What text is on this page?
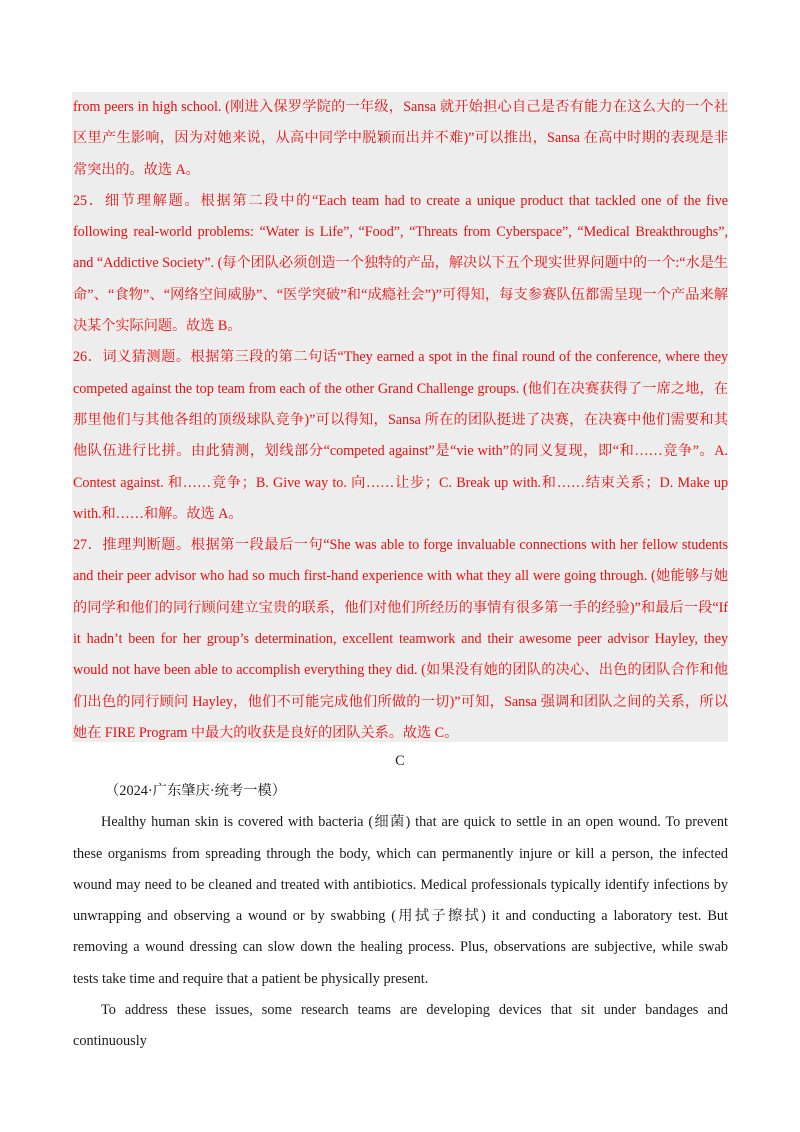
from peers in high school. (刚进入保罗学院的一年级，Sansa 就开始担心自己是否有能力在这么大的一个社区里产生影响，因为对她来说，从高中同学中脱颖而出并不难)”可以推出，Sansa 在高中时期的表现是非常突出的。故选 A。

25．细节理解题。根据第二段中的“Each team had to create a unique product that tackled one of the five following real-world problems: “Water is Life”, “Food”, “Threats from Cyberspace”, “Medical Breakthroughs”, and “Addictive Society”. (每个团队必须创造一个独特的产品，解决以下五个现实世界问题中的一个:“水是生命”、“食物”、“网络空间威胁”、“医学突破”和“成瘾社会”)”可得知，每支参赛队伍都需呈现一个产品来解决某个实际问题。故选 B。

26．词义猜测题。根据第三段的第二句话“They earned a spot in the final round of the conference, where they competed against the top team from each of the other Grand Challenge groups. (他们在决赛获得了一席之地，在那里他们与其他各组的顶级球队竞争)”可以得知，Sansa 所在的团队挺进了决赛，在决赛中他们需要和其他队伍进行比拼。由此猜测，划线部分“competed against”是“vie with”的同义复现，即“和……竞争”。A. Contest against. 和……竞争；B. Give way to. 向……让步；C. Break up with.和……结束关系；D. Make up with.和……和解。故选 A。

27．推理判断题。根据第一段最后一句“She was able to forge invaluable connections with her fellow students and their peer advisor who had so much first-hand experience with what they all were going through. (她能够与她的同学和他们的同行顾问建立宝贵的联系，他们对他们所经历的事情有很多第一手的经验)”和最后一段“If it hadn’t been for her group’s determination, excellent teamwork and their awesome peer advisor Hayley, they would not have been able to accomplish everything they did. (如果没有她的团队的决心、出色的团队合作和他们出色的同行顾问 Hayley，他们不可能完成他们所做的一切)”可知，Sansa 强调和团队之间的关系，所以她在 FIRE Program 中最大的收获是良好的团队关系。故选 C。

C

（2024·广东肇庆·统考一模）

Healthy human skin is covered with bacteria (细菌) that are quick to settle in an open wound. To prevent these organisms from spreading through the body, which can permanently injure or kill a person, the infected wound may need to be cleaned and treated with antibiotics. Medical professionals typically identify infections by unwrapping and observing a wound or by swabbing (用拭子擦拭) it and conducting a laboratory test. But removing a wound dressing can slow down the healing process. Plus, observations are subjective, while swab tests take time and require that a patient be physically present.

To address these issues, some research teams are developing devices that sit under bandages and continuously
